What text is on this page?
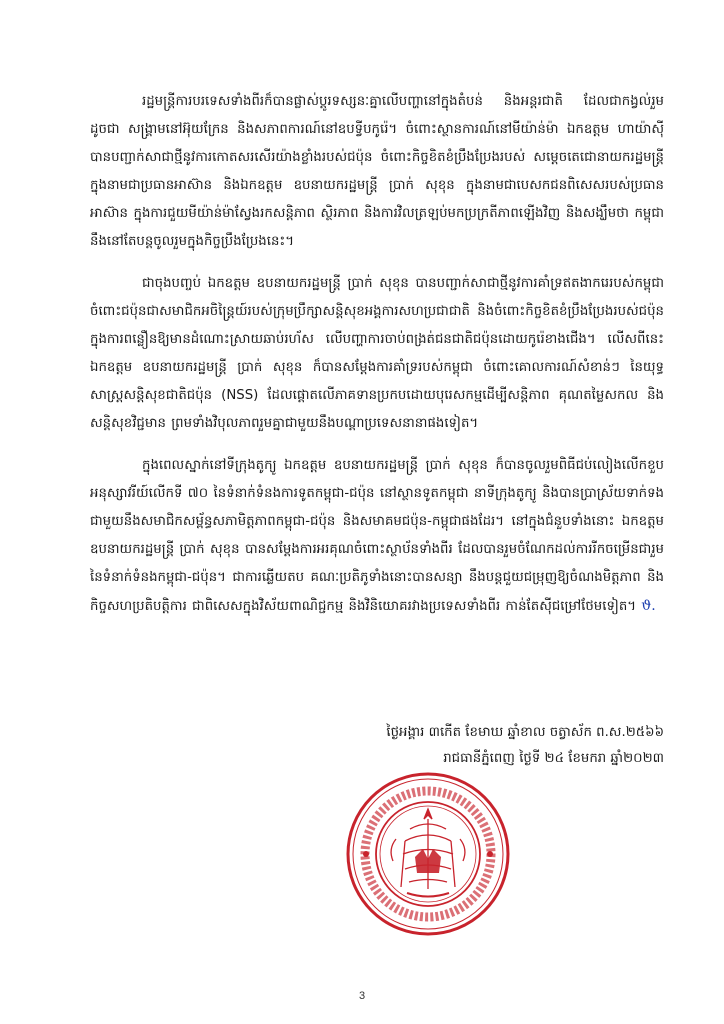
រដ្ឋមន្ត្រីការបរទេសទាំងពីរក៏បានផ្លាស់ប្ដូរទស្សនៈគ្នាលើបញ្ហានៅក្នុងតំបន់ និងអន្តរជាតិ ដែលជាកង្វល់រួម ដូចជា សង្គ្រាមនៅអ៊ុយក្រែន និងសភាពការណ៍នៅឧបទ្វីបកូរ៉េ។ ចំពោះស្ថានការណ៍នៅមីយ៉ាន់ម៉ា ឯកឧត្តម ហាយ៉ាស៊ី បានបញ្ជាក់សាជាថ្មីនូវការកោតសរសើរយ៉ាងខ្លាំងរបស់ជប៉ុន ចំពោះកិច្ចខិតខំប្រឹងប្រែងរបស់ សម្ដេចតេជោនាយករដ្ឋមន្ត្រី ក្នុងនាមជាប្រធានអាស៊ាន និងឯកឧត្តម ឧបនាយករដ្ឋមន្ត្រី ប្រាក់ សុខុន ក្នុងនាមជាបេសកជនពិសេសរបស់ប្រធានអាស៊ាន ក្នុងការជួយមីយ៉ាន់ម៉ាស្វែងរកសន្តិភាព ស្ថិរភាព និងការវិលត្រឡប់មកប្រក្រតីភាពឡើងវិញ និងសង្ឃឹមថា កម្ពុជានឹងនៅតែបន្តចូលរួមក្នុងកិច្ចប្រឹងប្រែងនេះ។

ជាចុងបញ្ចប់ ឯកឧត្តម ឧបនាយករដ្ឋមន្ត្រី ប្រាក់ សុខុន បានបញ្ជាក់សាជាថ្មីនូវការគាំទ្រឥតងាករេរបស់កម្ពុជា ចំពោះជប៉ុនជាសមាជិកអចិន្ត្រៃយ៍របស់ក្រុមប្រឹក្សាសន្តិសុខអង្គការសហប្រជាជាតិ និងចំពោះកិច្ចខិតខំប្រឹងប្រែងរបស់ជប៉ុន ក្នុងការពន្លឿនឱ្យមានដំណោះស្រាយឆាប់រហ័ស លើបញ្ហាការចាប់ពង្រត់ជនជាតិជប៉ុនដោយកូរ៉េខាងជើង។ លើសពីនេះ ឯកឧត្តម ឧបនាយករដ្ឋមន្ត្រី ប្រាក់ សុខុន ក៏បានសម្ដែងការគាំទ្ររបស់កម្ពុជា ចំពោះគោលការណ៍សំខាន់ៗ នៃយុទ្ធសាស្ត្រសន្តិសុខជាតិជប៉ុន (NSS) ដែលផ្ដោតលើភាគទានប្រកបដោយបុរេសកម្មដើម្បីសន្តិភាព គុណតម្លៃសកល និងសន្តិសុខវិជ្ជមាន ព្រមទាំងវិបុលភាពរួមគ្នាជាមួយនឹងបណ្ដាប្រទេសនានាផងទៀត។

ក្នុងពេលស្នាក់នៅទីក្រុងតូក្យូ ឯកឧត្តម ឧបនាយករដ្ឋមន្ត្រី ប្រាក់ សុខុន ក៏បានចូលរួមពិធីជប់លៀងលើកខួបអនុស្សាវរីយ៍លើកទី ៧០ នៃទំនាក់ទំនងការទូតកម្ពុជា-ជប៉ុន នៅស្ថានទូតកម្ពុជា នាទីក្រុងតូក្យូ និងបានប្រាស្រ័យទាក់ទងជាមួយនឹងសមាជិកសម្ព័ន្ធសភាមិត្តភាពកម្ពុជា-ជប៉ុន និងសមាគមជប៉ុន-កម្ពុជាផងដែរ។ នៅក្នុងជំនួបទាំងនោះ ឯកឧត្តម ឧបនាយករដ្ឋមន្ត្រី ប្រាក់ សុខុន បានសម្ដែងការអរគុណចំពោះស្ថាប័នទាំងពីរ ដែលបានរួមចំណែកដល់ការរីកចម្រើនជារួមនៃទំនាក់ទំនងកម្ពុជា-ជប៉ុន។ ជាការឆ្លើយតប គណៈប្រតិភូទាំងនោះបានសន្យា នឹងបន្តជួយជម្រុញឱ្យចំណងមិត្តភាព និងកិច្ចសហប្រតិបត្តិការ ជាពិសេសក្នុងវិស័យពាណិជ្ជកម្ម និងវិនិយោគរវាងប្រទេសទាំងពីរ កាន់តែស៊ីជម្រៅថែមទៀត។ ϑ.

ថ្ងៃអង្គារ ៣កើត ខែមាឃ ឆ្នាំខាល ចត្វាស័ក ព.ស.២៥៦៦
រាជធានីភ្នំពេញ ថ្ងៃទី ២៤ ខែមករា ឆ្នាំ២០២៣
3
